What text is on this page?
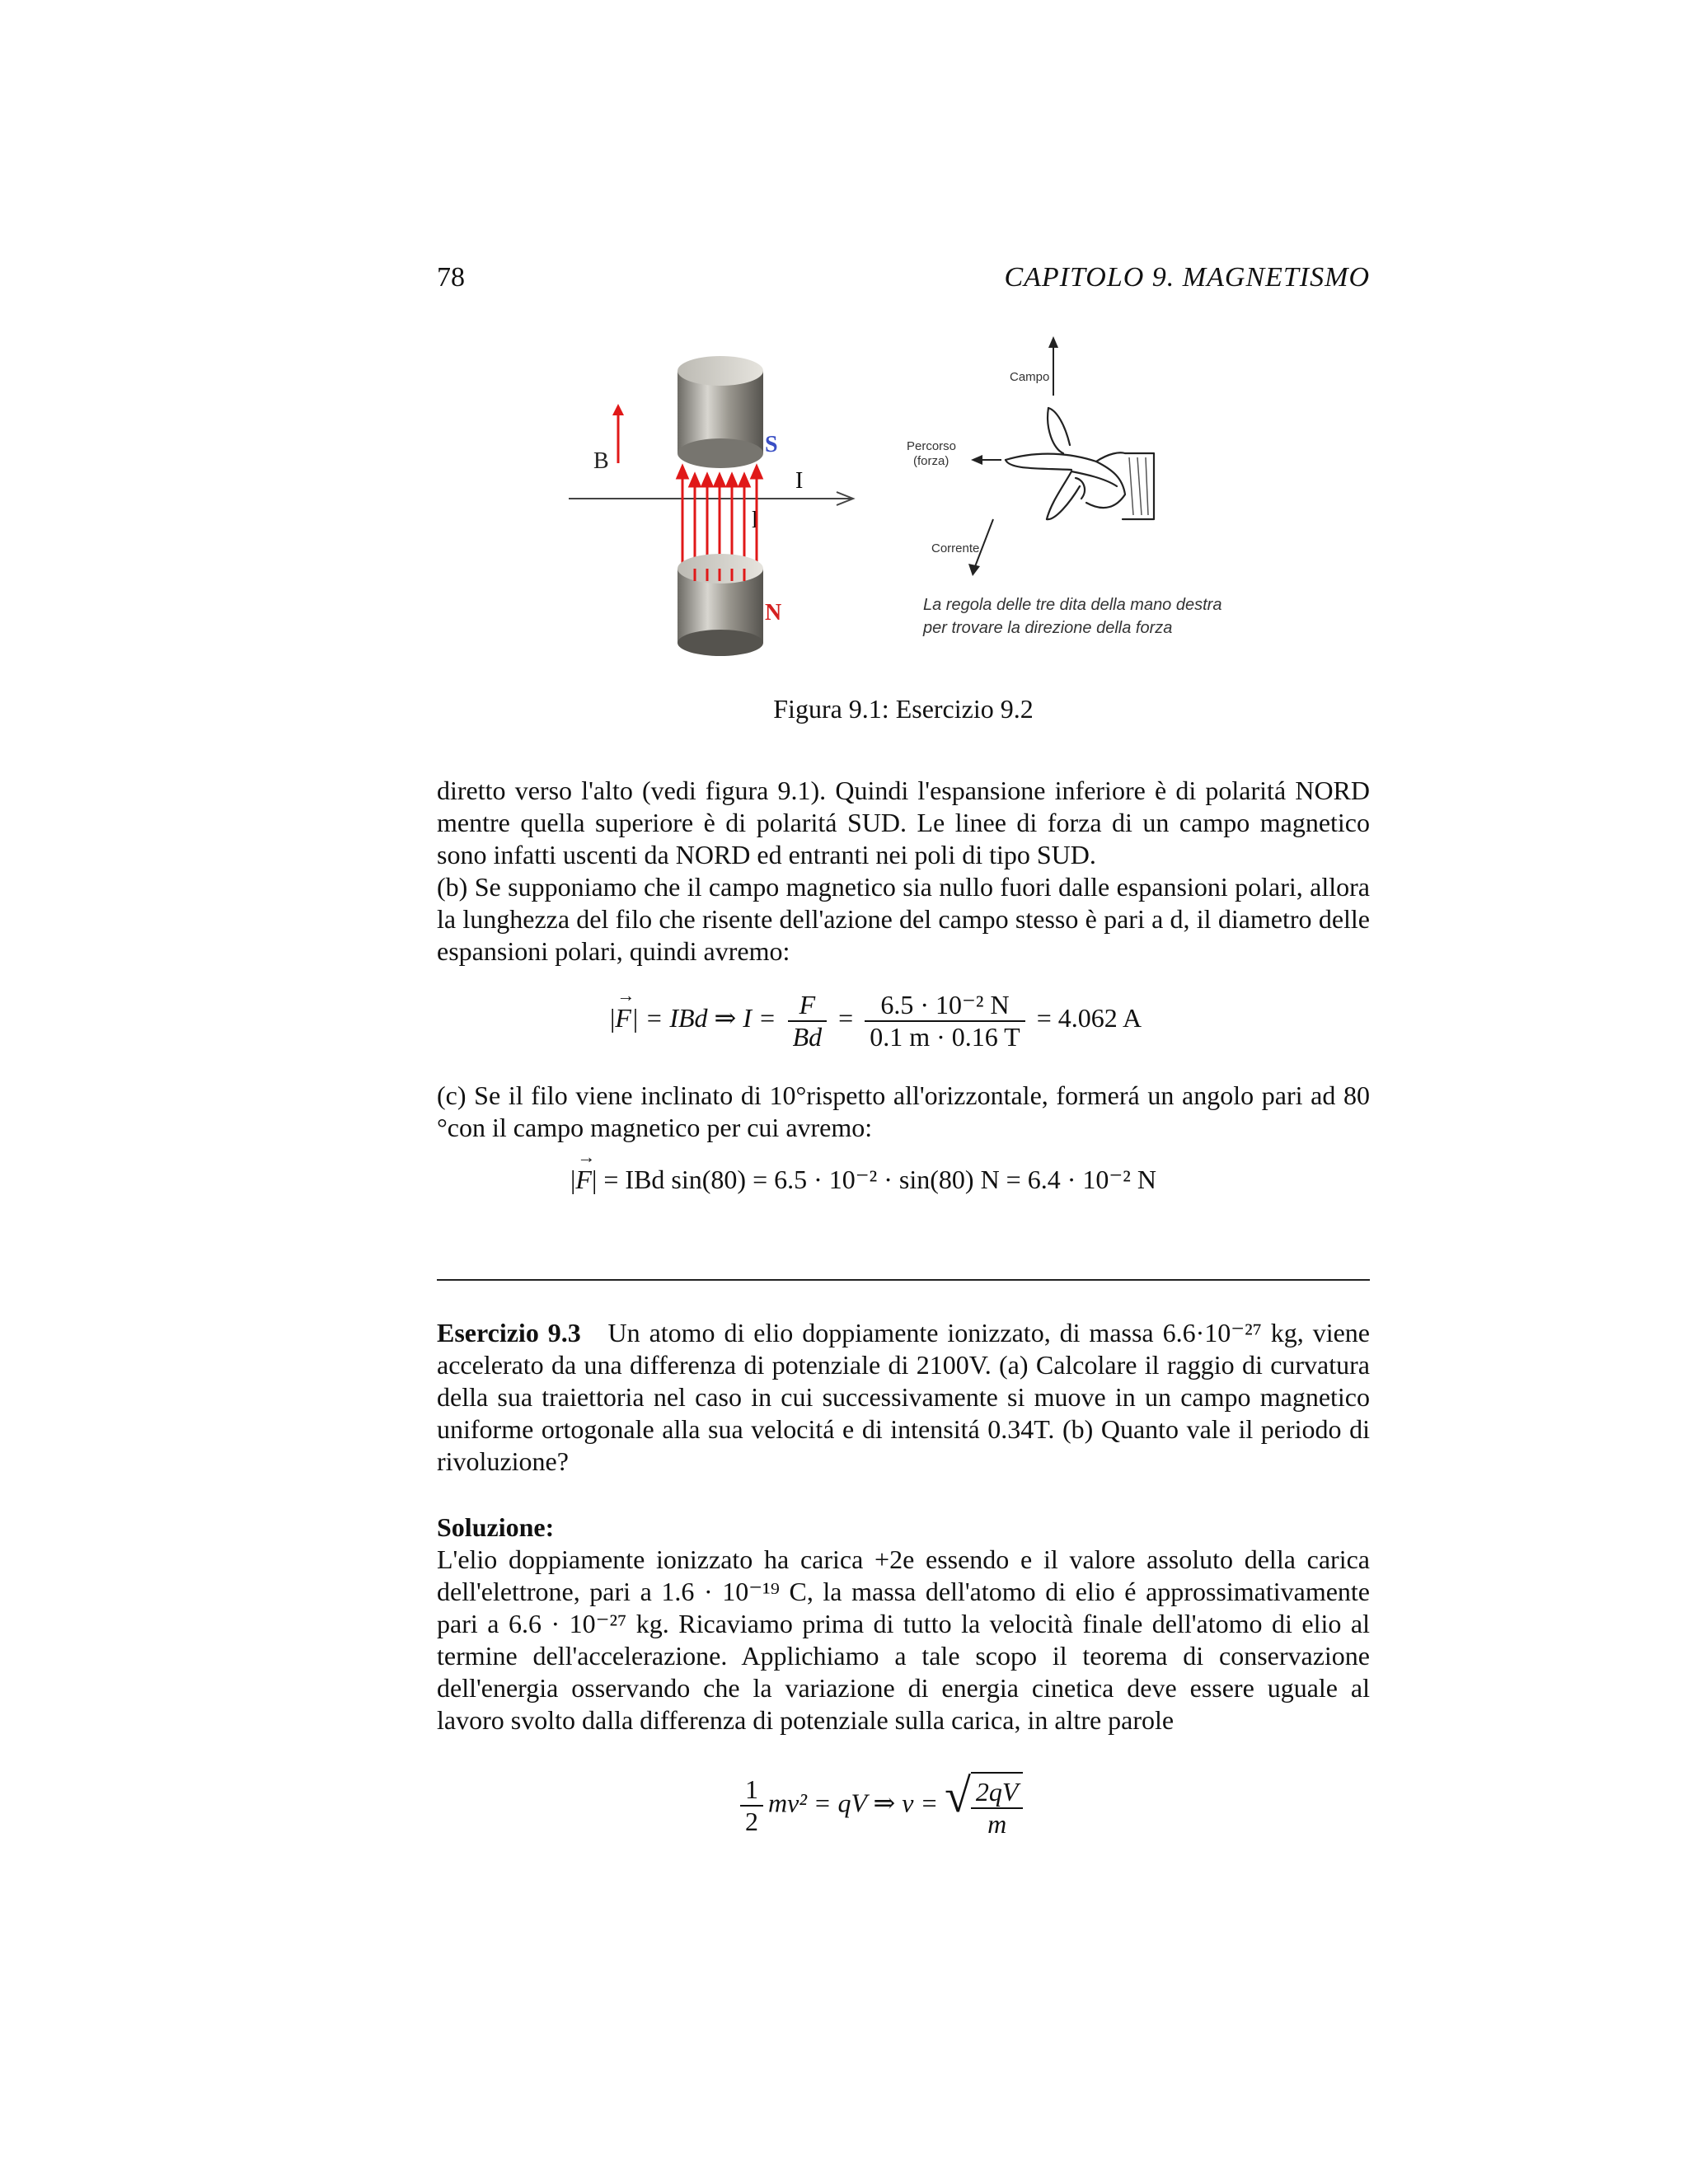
78	CAPITOLO 9. MAGNETISMO
B
S
I
l
N
Campo
Percorso
(forza)
Corrente
La regola delle tre dita della mano destra
per trovare la direzione della forza
Figura 9.1: Esercizio 9.2

diretto verso l'alto (vedi figura 9.1). Quindi l'espansione inferiore è di polaritá NORD mentre quella superiore è di polaritá SUD. Le linee di forza di un campo magnetico sono infatti uscenti da NORD ed entranti nei poli di tipo SUD.

(b) Se supponiamo che il campo magnetico sia nullo fuori dalle espansioni polari, allora la lunghezza del filo che risente dell'azione del campo stesso è pari a d, il diametro delle espansioni polari, quindi avremo:

|→ F| = IBd ⇒ $I = \frac{F}{Bd} = \frac{\text{6.5 · 10⁻² N}}{0.1 m \cdot 0.16 T} = 4.062$ A

(c) Se il filo viene inclinato di 10°rispetto all'orizzontale, formerá un angolo pari ad 80 °con il campo magnetico per cui avremo:

|→ F| = IBd sin(80) = 6.5 · 10⁻² · sin(80) N = 6.4 · 10⁻² N

Esercizio 9.3 Un atomo di elio doppiamente ionizzato, di massa 6.6·10⁻²⁷ kg, viene accelerato da una differenza di potenziale di 2100V. (a) Calcolare il raggio di curvatura della sua traiettoria nel caso in cui successivamente si muove in un campo magnetico uniforme ortogonale alla sua velocitá e di intensitá 0.34T. (b) Quanto vale il periodo di rivoluzione?

Soluzione:

L'elio doppiamente ionizzato ha carica +2e essendo e il valore assoluto della carica dell'elettrone, pari a 1.6 · 10⁻¹⁹ C, la massa dell'atomo di elio é approssimativamente pari a 6.6 · 10⁻²⁷ kg. Ricaviamo prima di tutto la velocità finale dell'atomo di elio al termine dell'accelerazione. Applichiamo a tale scopo il teorema di conservazione dell'energia osservando che la variazione di energia cinetica deve essere uguale al lavoro svolto dalla differenza di potenziale sulla carica, in altre parole

$\frac{1}{2} mv^2$ = qV ⇒ v = √ $\frac{2qV}{m}$
